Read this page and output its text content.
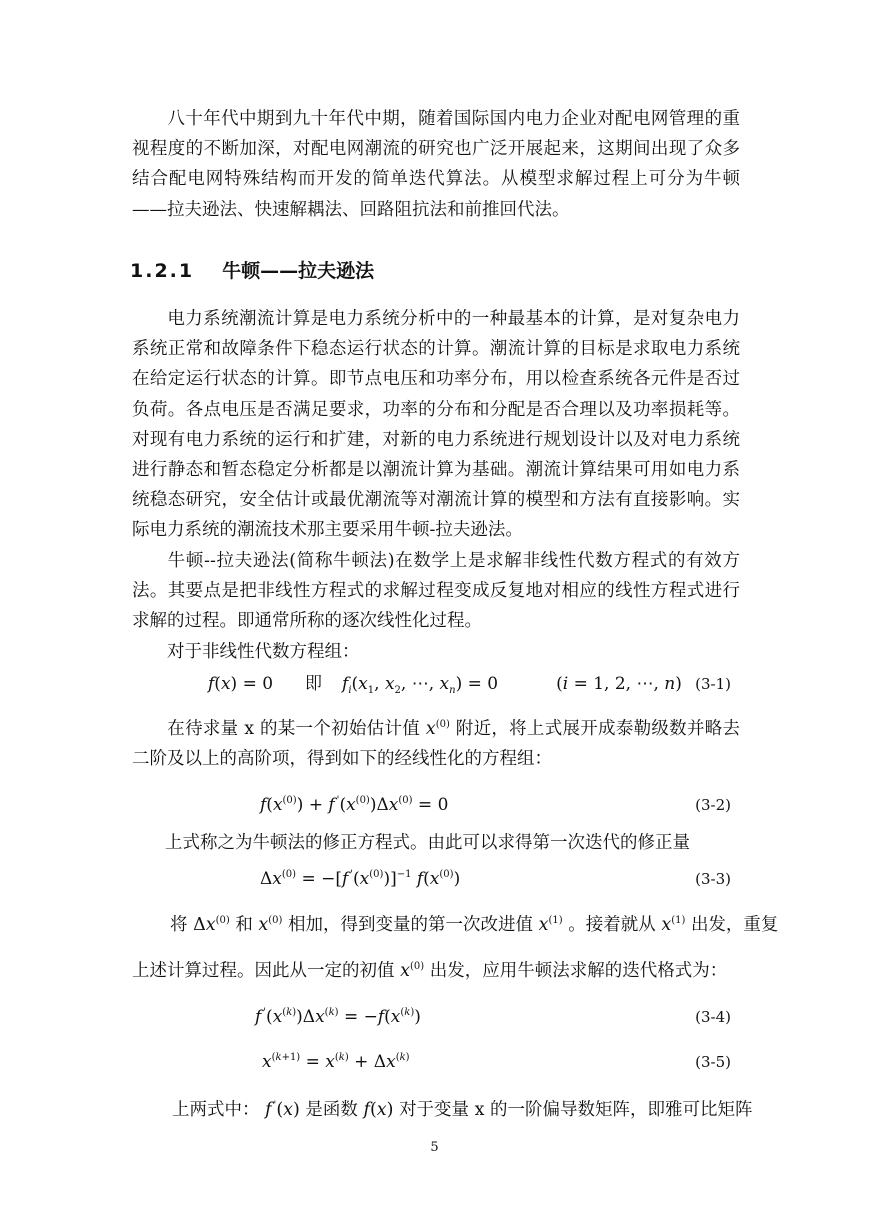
八十年代中期到九十年代中期，随着国际国内电力企业对配电网管理的重视程度的不断加深，对配电网潮流的研究也广泛开展起来，这期间出现了众多结合配电网特殊结构而开发的简单迭代算法。从模型求解过程上可分为牛顿——拉夫逊法、快速解耦法、回路阻抗法和前推回代法。

1.2.1 牛顿——拉夫逊法

电力系统潮流计算是电力系统分析中的一种最基本的计算，是对复杂电力系统正常和故障条件下稳态运行状态的计算。潮流计算的目标是求取电力系统在给定运行状态的计算。即节点电压和功率分布，用以检查系统各元件是否过负荷。各点电压是否满足要求，功率的分布和分配是否合理以及功率损耗等。对现有电力系统的运行和扩建，对新的电力系统进行规划设计以及对电力系统进行静态和暂态稳定分析都是以潮流计算为基础。潮流计算结果可用如电力系统稳态研究，安全估计或最优潮流等对潮流计算的模型和方法有直接影响。实际电力系统的潮流技术那主要采用牛顿-拉夫逊法。

牛顿--拉夫逊法(简称牛顿法)在数学上是求解非线性代数方程式的有效方法。其要点是把非线性方程式的求解过程变成反复地对相应的线性方程式进行求解的过程。即通常所称的逐次线性化过程。

对于非线性代数方程组：

f(x) = 0 即 $f_i(x_1$, $x_2$, ⋯, $x_n) = 0$	(i = 1, 2, ⋯, n) (3-1)

在待求量 x 的某一个初始估计值 $x^{(0)}$ 附近，将上式展开成泰勒级数并略去二阶及以上的高阶项，得到如下的经线性化的方程组：

$f(x^{(0)}) + f$ $'(x^{(0)})\Delta x^{(0)} = 0$	(3-2)

上式称之为牛顿法的修正方程式。由此可以求得第一次迭代的修正量

$\Delta x^{(0)} = -[f$ $'(x^{(0)})]^{-1}$ $f(x^{(0)})$	(3-3)
将 $\Delta x^{(0)}$ 和 $x^{(0)}$ 相加，得到变量的第一次改进值 $x^{(1)}$ 。接着就从 $x^{(1)}$ 出发，重复
上述计算过程。因此从一定的初值 $x^{(0)}$ 出发，应用牛顿法求解的迭代格式为：
f $'(x^{(k)})\Delta x^{(k)} = -f(x^{(k)})$	(3-4)
$x^{(k+1)} = x^{(k)} + \Delta x^{(k)}$	(3-5)
上两式中： f '(x) 是函数 f(x) 对于变量 x 的一阶偏导数矩阵，即雅可比矩阵
5
